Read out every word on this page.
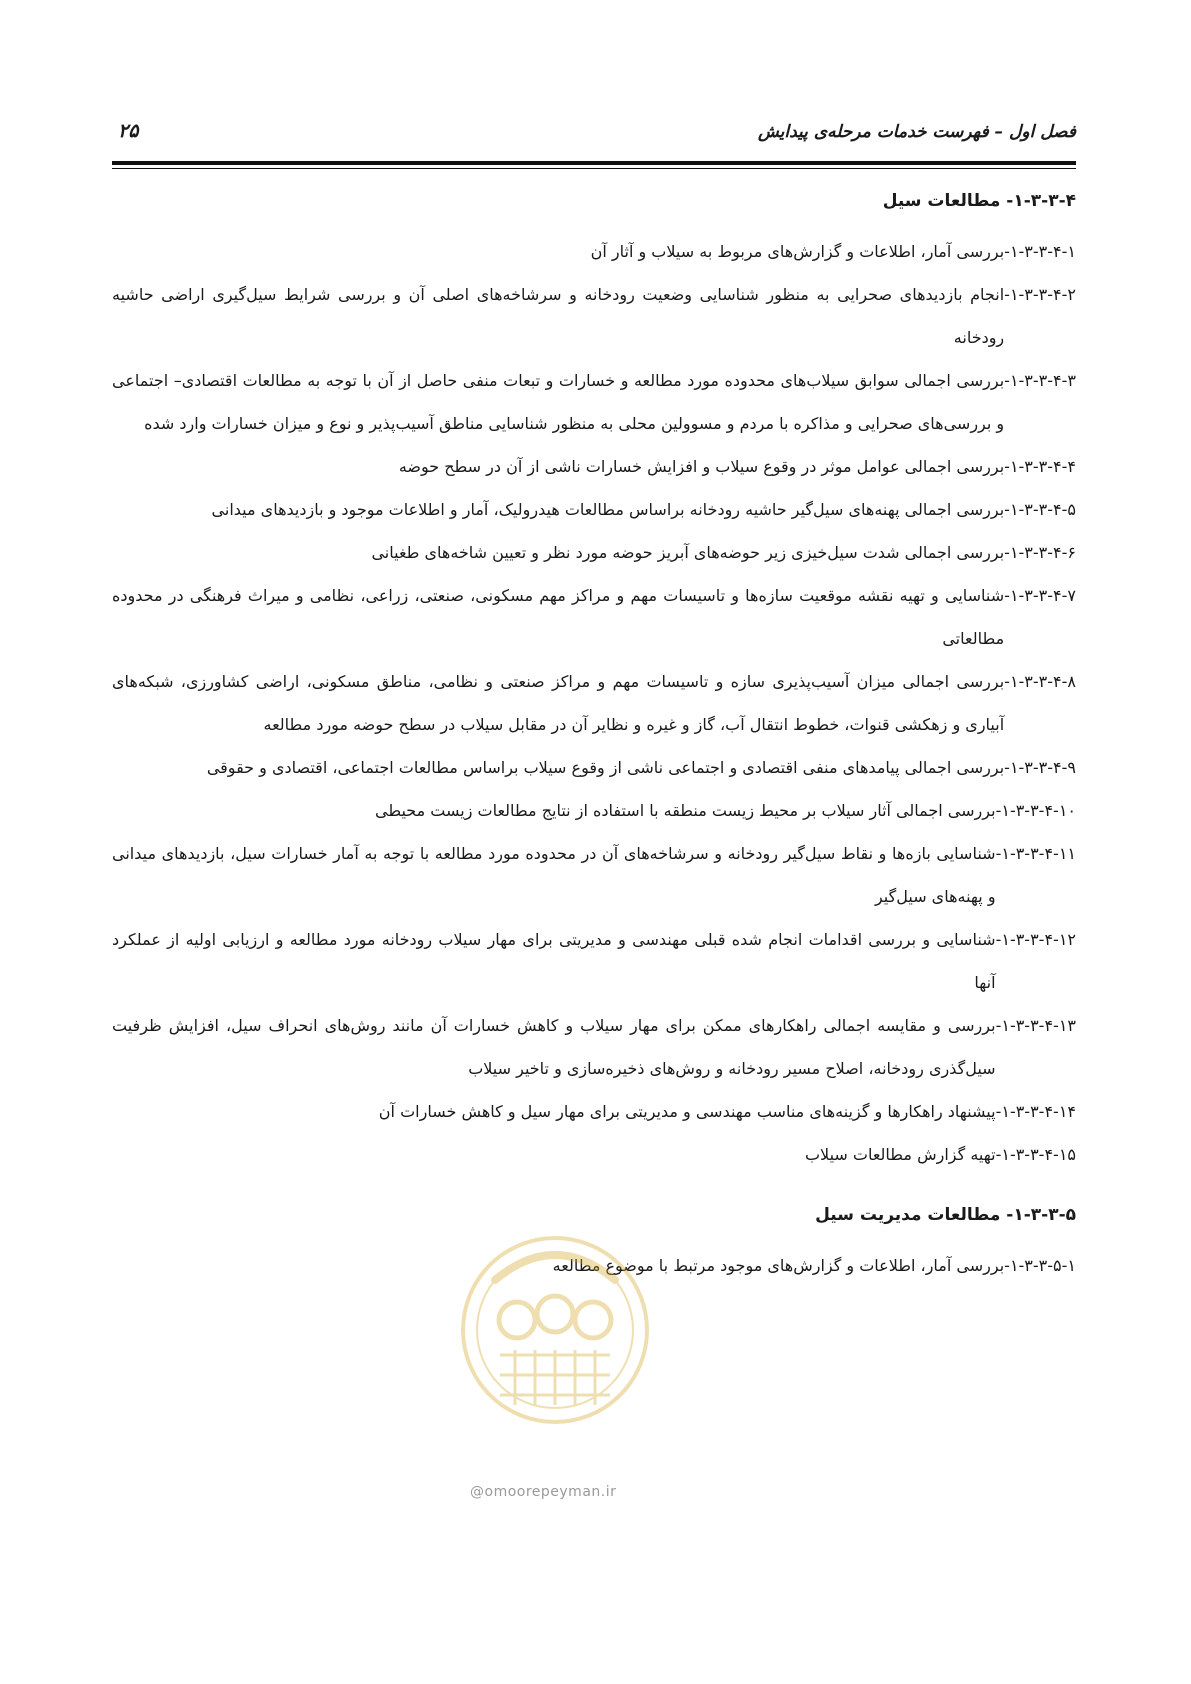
فصل اول – فهرست خدمات مرحله‌ی پیدایش
۲۵
۱-۳-۳-۴- مطالعات سیل
۱-۳-۳-۴-۱-
بررسی آمار، اطلاعات و گزارش‌های مربوط به سیلاب و آثار آن
۱-۳-۳-۴-۲-
انجام بازدیدهای صحرایی به منظور شناسایی وضعیت رودخانه و سرشاخه‌های اصلی آن و بررسی شرایط سیل‌گیری اراضی حاشیه رودخانه
۱-۳-۳-۴-۳-
بررسی اجمالی سوابق سیلاب‌های محدوده مورد مطالعه و خسارات و تبعات منفی حاصل از آن با توجه به مطالعات اقتصادی– اجتماعی و بررسی‌های صحرایی و مذاکره با مردم و مسوولین محلی به منظور شناسایی مناطق آسیب‌پذیر و نوع و میزان خسارات وارد شده
۱-۳-۳-۴-۴-
بررسی اجمالی عوامل موثر در وقوع سیلاب و افزایش خسارات ناشی از آن در سطح حوضه
۱-۳-۳-۴-۵-
بررسی اجمالی پهنه‌های سیل‌گیر حاشیه رودخانه براساس مطالعات هیدرولیک، آمار و اطلاعات موجود و بازدیدهای میدانی
۱-۳-۳-۴-۶-
بررسی اجمالی شدت سیل‌خیزی زیر حوضه‌های آبریز حوضه مورد نظر و تعیین شاخه‌های طغیانی
۱-۳-۳-۴-۷-
شناسایی و تهیه نقشه موقعیت سازه‌ها و تاسیسات مهم و مراکز مهم مسکونی، صنعتی، زراعی، نظامی و میراث فرهنگی در محدوده مطالعاتی
۱-۳-۳-۴-۸-
بررسی اجمالی میزان آسیب‌پذیری سازه و تاسیسات مهم و مراکز صنعتی و نظامی، مناطق مسکونی، اراضی کشاورزی، شبکه‌های آبیاری و زهکشی قنوات، خطوط انتقال آب، گاز و غیره و نظایر آن در مقابل سیلاب در سطح حوضه مورد مطالعه
۱-۳-۳-۴-۹-
بررسی اجمالی پیامدهای منفی اقتصادی و اجتماعی ناشی از وقوع سیلاب براساس مطالعات اجتماعی، اقتصادی و حقوقی
۱-۳-۳-۴-۱۰-
بررسی اجمالی آثار سیلاب بر محیط زیست منطقه با استفاده از نتایج مطالعات زیست محیطی
۱-۳-۳-۴-۱۱-
شناسایی بازه‌ها و نقاط سیل‌گیر رودخانه و سرشاخه‌های آن در محدوده مورد مطالعه با توجه به آمار خسارات سیل، بازدیدهای میدانی و پهنه‌های سیل‌گیر
۱-۳-۳-۴-۱۲-
شناسایی و بررسی اقدامات انجام شده قبلی مهندسی و مدیریتی برای مهار سیلاب رودخانه مورد مطالعه و ارزیابی اولیه از عملکرد آنها
۱-۳-۳-۴-۱۳-
بررسی و مقایسه اجمالی راهکارهای ممکن برای مهار سیلاب و کاهش خسارات آن مانند روش‌های انحراف سیل، افزایش ظرفیت سیل‌گذری رودخانه، اصلاح مسیر رودخانه و روش‌های ذخیره‌سازی و تاخیر سیلاب
۱-۳-۳-۴-۱۴-
پیشنهاد راهکارها و گزینه‌های مناسب مهندسی و مدیریتی برای مهار سیل و کاهش خسارات آن
۱-۳-۳-۴-۱۵-
تهیه گزارش مطالعات سیلاب
۱-۳-۳-۵- مطالعات مدیریت سیل
۱-۳-۳-۵-۱-
بررسی آمار، اطلاعات و گزارش‌های موجود مرتبط با موضوع مطالعه
@omoorepeyman.ir
